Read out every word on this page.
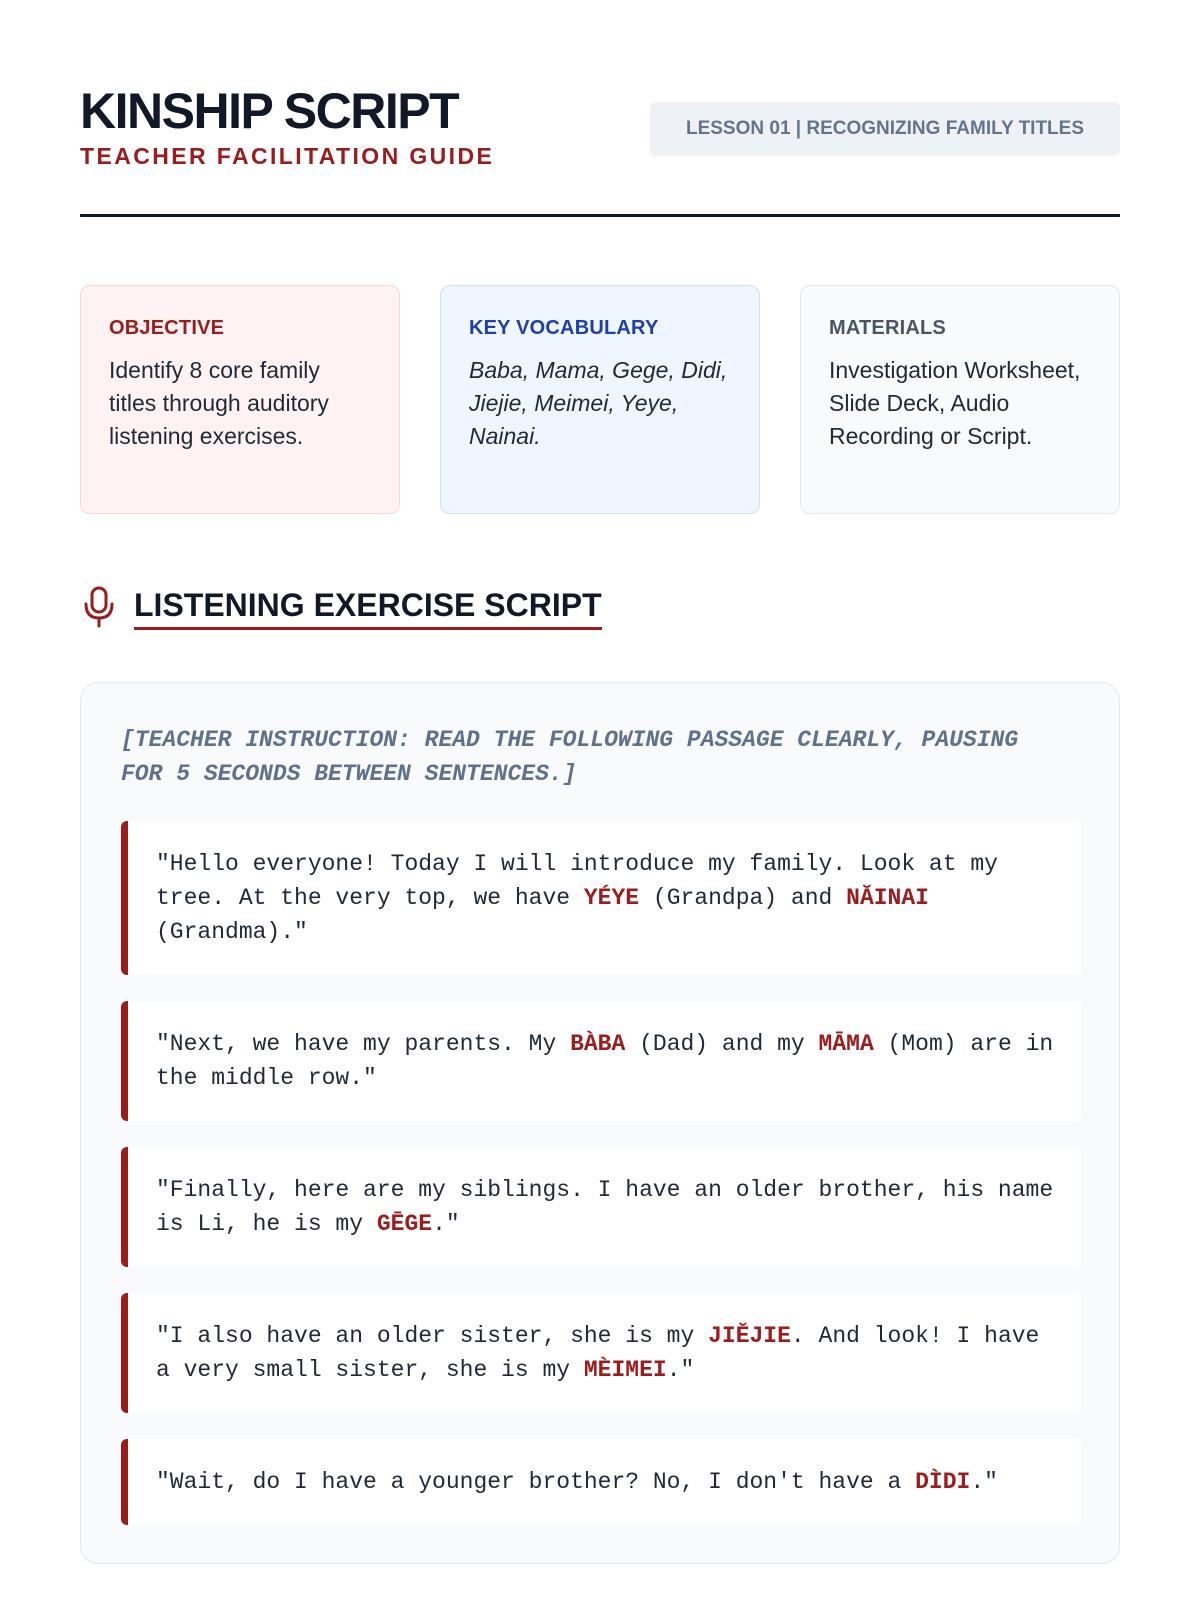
KINSHIP SCRIPT
TEACHER FACILITATION GUIDE
LESSON 01 | RECOGNIZING FAMILY TITLES
OBJECTIVE
Identify 8 core family titles through auditory listening exercises.
KEY VOCABULARY
Baba, Mama, Gege, Didi, Jiejie, Meimei, Yeye, Nainai.
MATERIALS
Investigation Worksheet, Slide Deck, Audio Recording or Script.
LISTENING EXERCISE SCRIPT
[TEACHER INSTRUCTION: READ THE FOLLOWING PASSAGE CLEARLY, PAUSING FOR 5 SECONDS BETWEEN SENTENCES.]
"Hello everyone! Today I will introduce my family. Look at my tree. At the very top, we have YÉYE (Grandpa) and NĂINAI (Grandma)."
"Next, we have my parents. My BÀBA (Dad) and my MĀMA (Mom) are in the middle row."
"Finally, here are my siblings. I have an older brother, his name is Li, he is my GĒGE."
"I also have an older sister, she is my JIĚJIE. And look! I have a very small sister, she is my MÈIMEI."
"Wait, do I have a younger brother? No, I don't have a DÌDI."
